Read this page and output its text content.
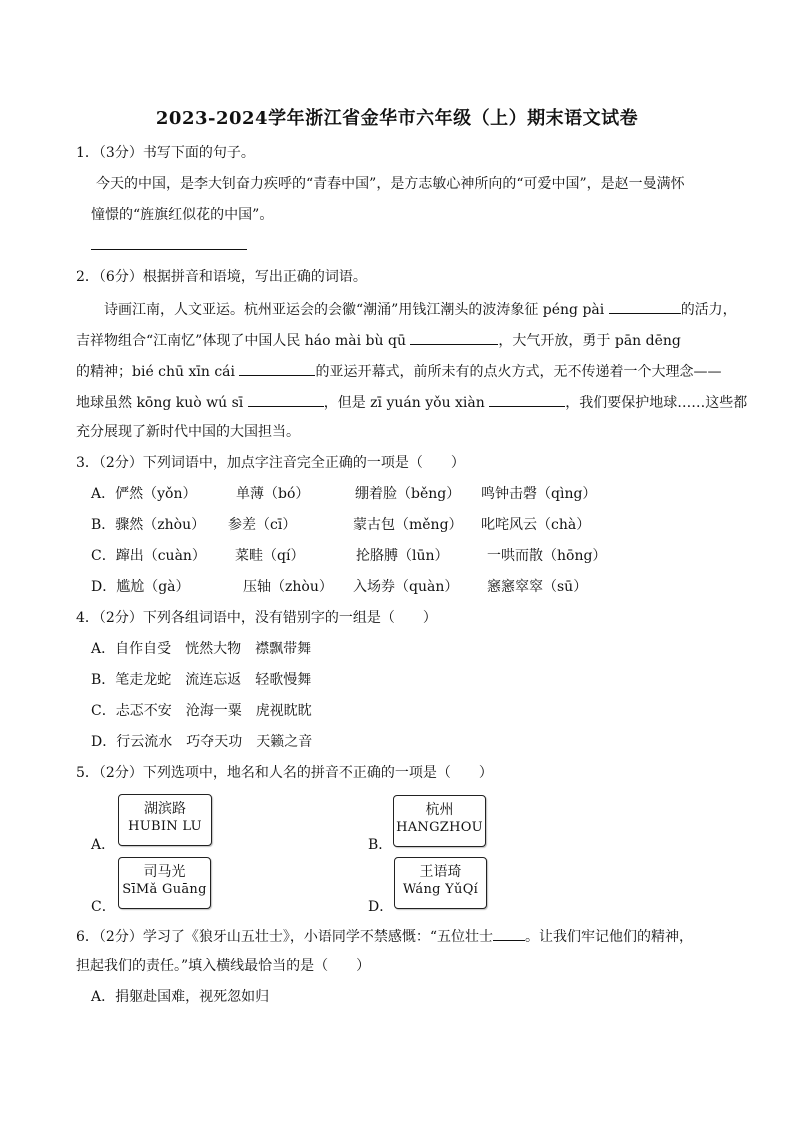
2023-2024学年浙江省金华市六年级（上）期末语文试卷
1．（3分）书写下面的句子。
今天的中国，是李大钊奋力疾呼的“青春中国”，是方志敏心神所向的“可爱中国”，是赵一曼满怀
憧憬的“旌旗红似花的中国”。
2．（6分）根据拼音和语境，写出正确的词语。
诗画江南，人文亚运。杭州亚运会的会徽“潮涌”用钱江潮头的波涛象征 péng pài	的活力，
吉祥物组合“江南忆”体现了中国人民 háo mài bù qū	，大气开放，勇于 pān dēng
的精神；bié chū xīn cái	的亚运开幕式，前所未有的点火方式，无不传递着一个大理念——
地球虽然 kōng kuò wú sī	，但是 zī yuán yǒu xiàn	，我们要保护地球……这些都
充分展现了新时代中国的大国担当。
3．（2分）下列词语中，加点字注音完全正确的一项是（　　）
A．俨然（yǒn）	单薄（bó）	绷着脸（běng） 鸣钟击磬（qìng）
B．骤然（zhòu） 参差（cī）	蒙古包（měng） 叱咤风云（chà）
C．蹿出（cuàn） 菜畦（qí）	抡胳膊（lūn）	一哄而散（hōng）
D．尴尬（gà）	压轴（zhòu） 入场券（quàn） 窸窸窣窣（sū）
4．（2分）下列各组词语中，没有错别字的一组是（　　）
A．自作自受　恍然大物　襟飘带舞
B．笔走龙蛇　流连忘返　轻歌慢舞
C．忐忑不安　沧海一粟　虎视眈眈
D．行云流水　巧夺天功　天籁之音
5．（2分）下列选项中，地名和人名的拼音不正确的一项是（　　）
A．
湖滨路
HUBIN LU
B．
杭州
HANGZHOU
C．
司马光
SīMǎ Guāng
D．
王语琦
Wáng YǔQí
6．（2分）学习了《狼牙山五壮士》，小语同学不禁感慨：“五位壮士 。让我们牢记他们的精神，
担起我们的责任。”填入横线最恰当的是（　　）
A．捐躯赴国难，视死忽如归
